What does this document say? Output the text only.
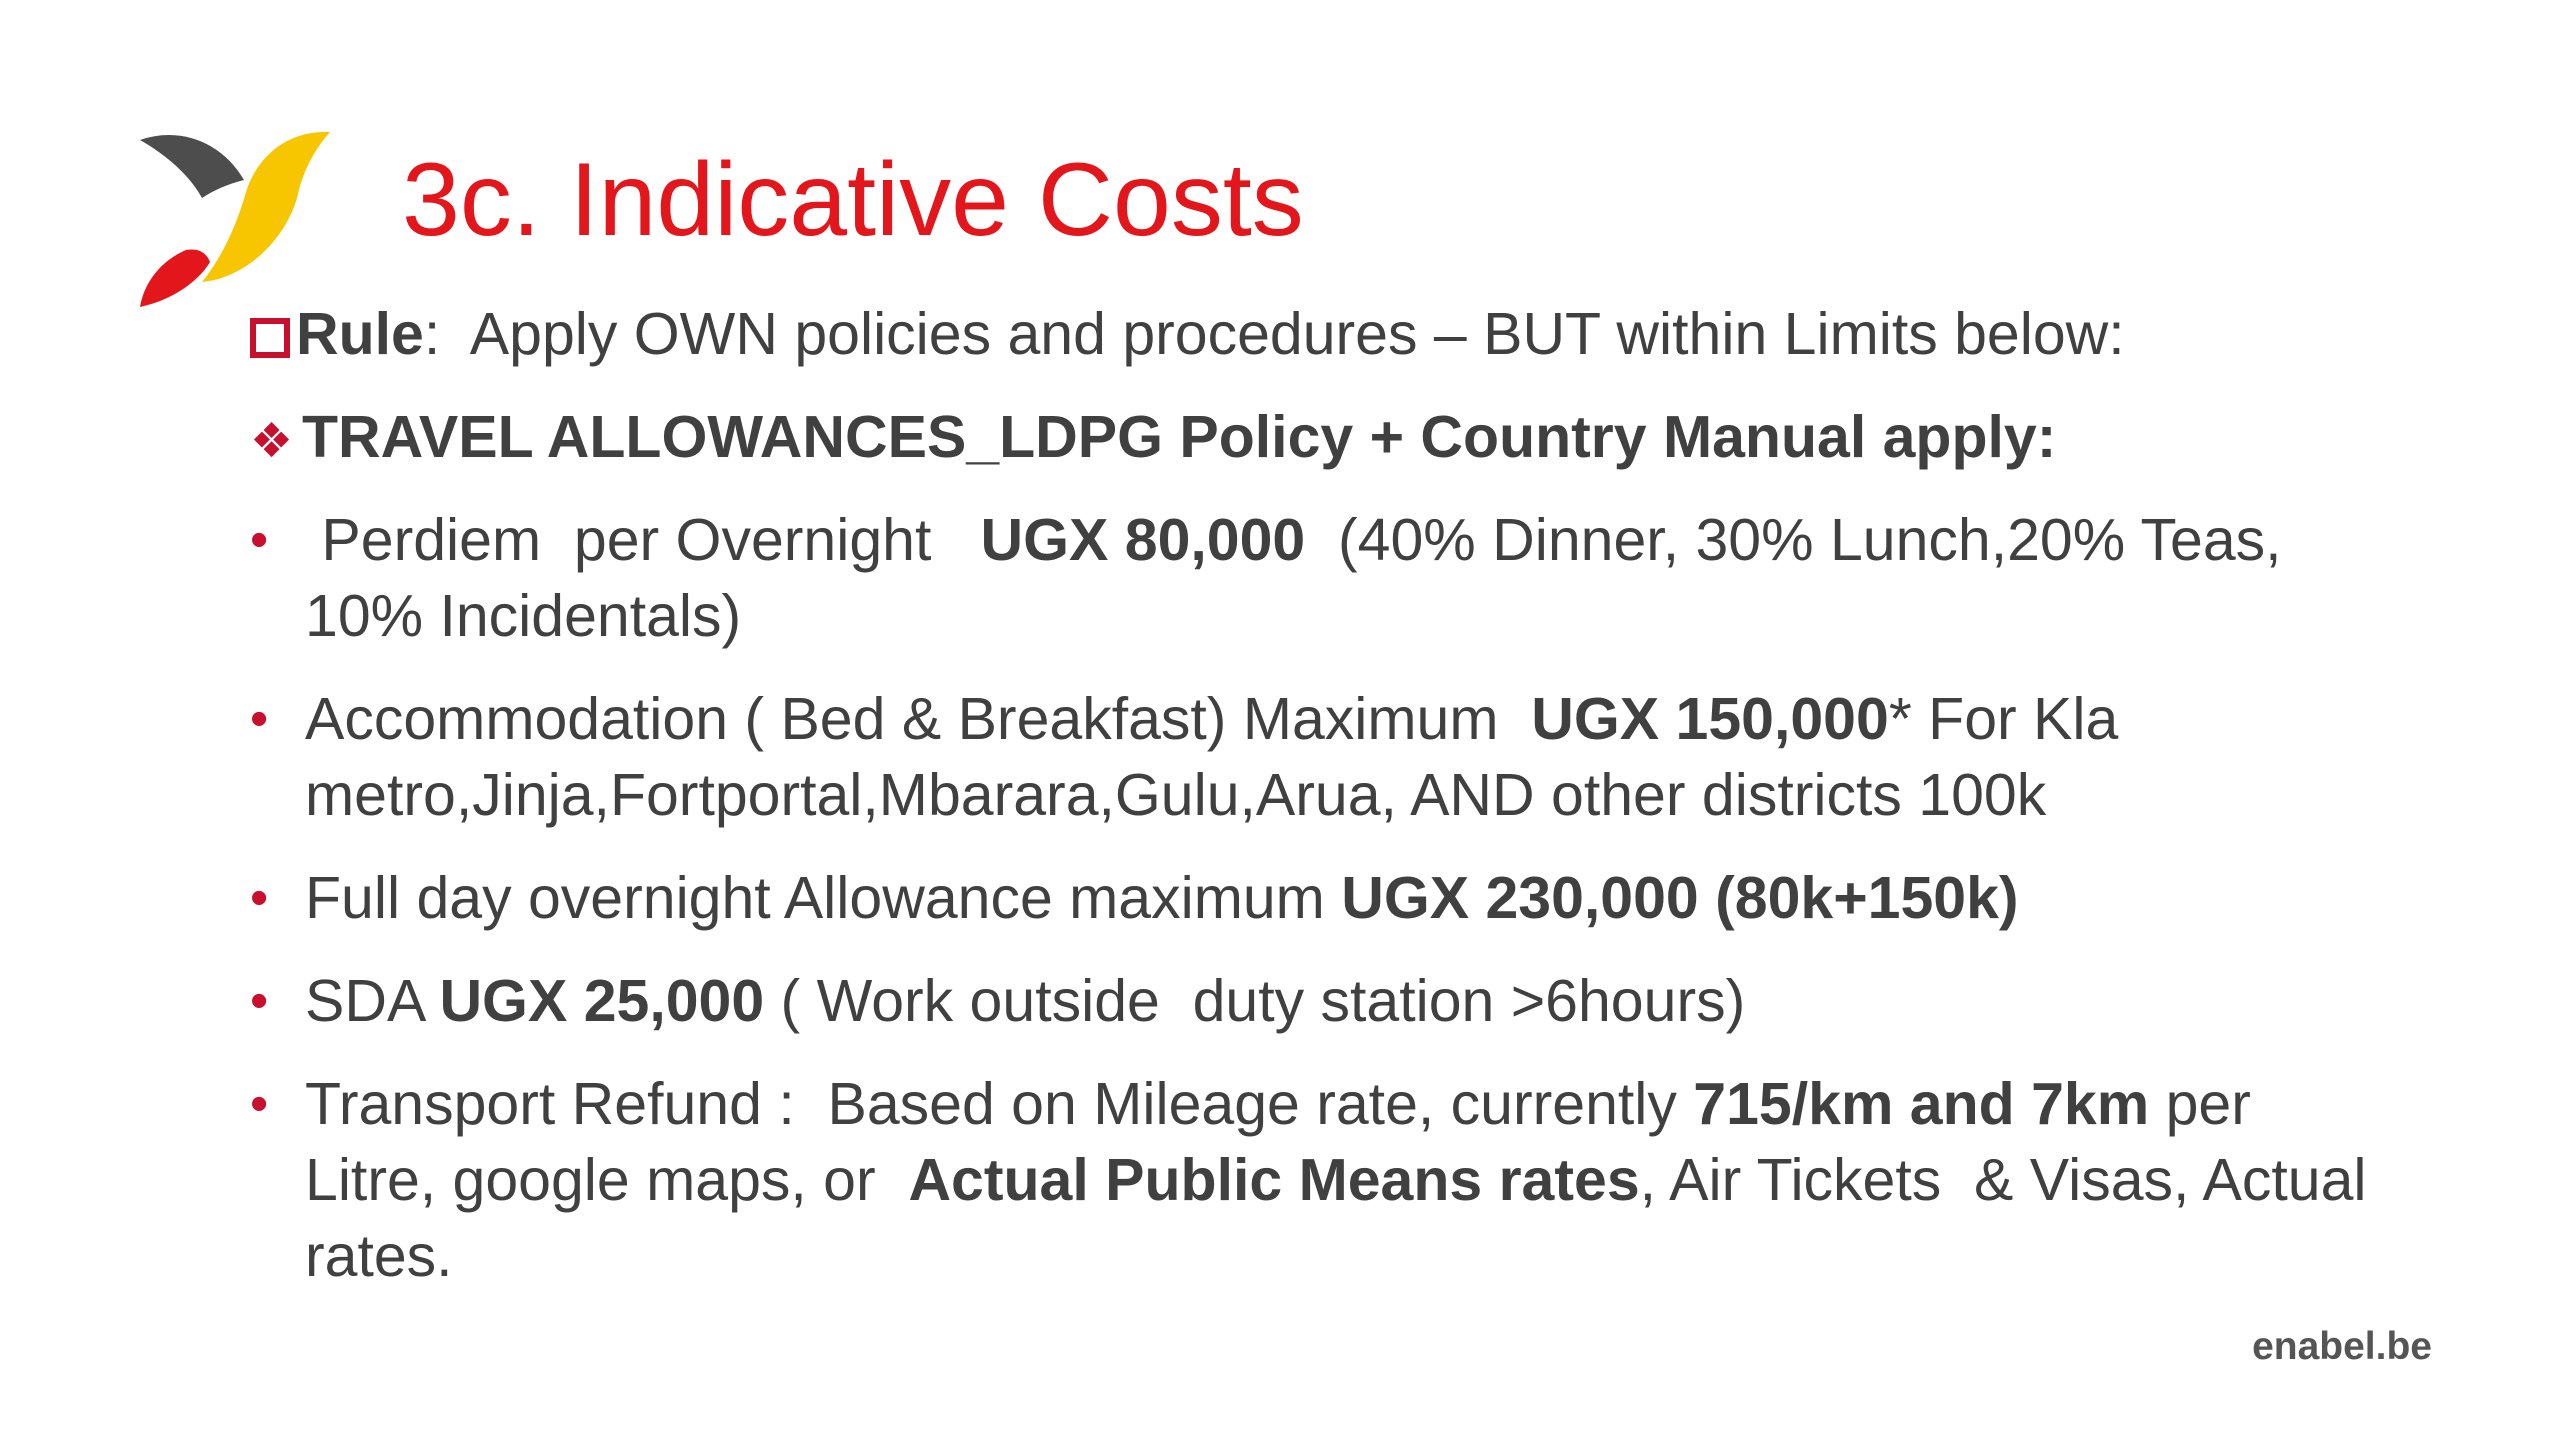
3c. Indicative Costs
Rule :  Apply OWN policies and procedures – BUT within Limits below:
❖ TRAVEL ALLOWANCES_LDPG Policy + Country Manual apply:
• Perdiem  per Overnight   UGX 80,000  (40% Dinner, 30% Lunch,20% Teas, 10% Incidentals)
• Accommodation ( Bed & Breakfast) Maximum  UGX 150,000* For Kla metro,Jinja,Fortportal,Mbarara,Gulu,Arua, AND other districts 100k
• Full day overnight Allowance maximum UGX 230,000 (80k+150k)
• SDA UGX 25,000 ( Work outside  duty station >6hours)
• Transport Refund :  Based on Mileage rate, currently 715/km and 7km per Litre, google maps, or  Actual Public Means rates, Air Tickets  & Visas, Actual rates.
enabel.be
